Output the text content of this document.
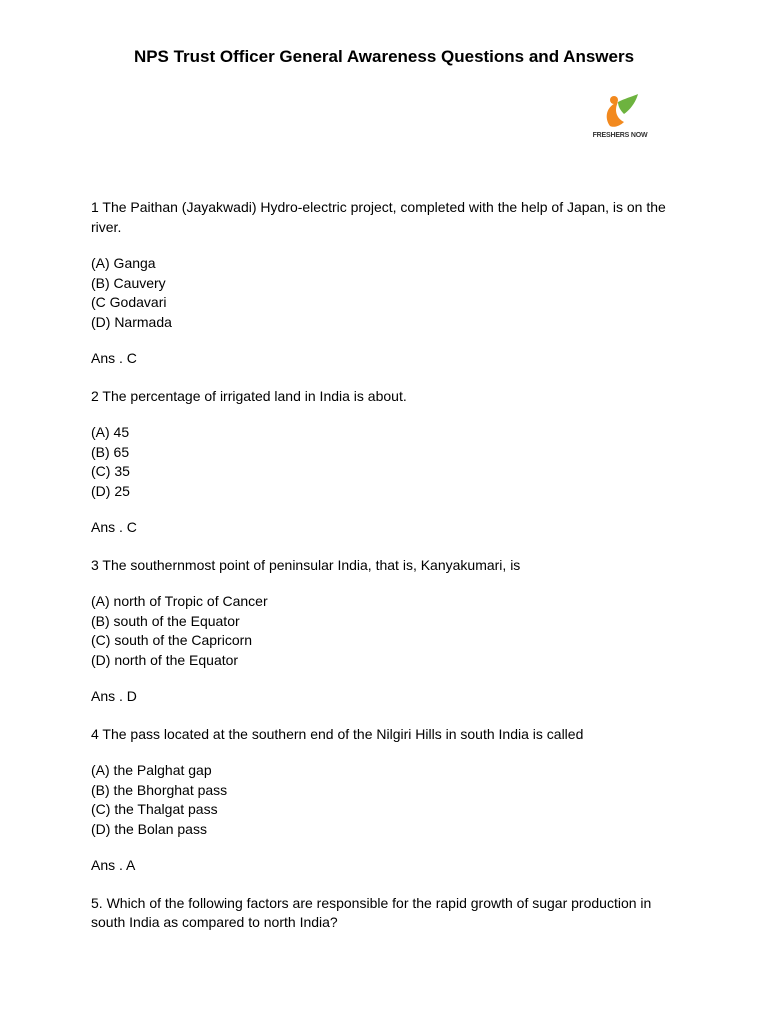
NPS Trust Officer General Awareness Questions and Answers
FRESHERS NOW

1 The Paithan (Jayakwadi) Hydro-electric project, completed with the help of Japan, is on the river.

(A) Ganga
(B) Cauvery
(C Godavari
(D) Narmada

Ans . C

2 The percentage of irrigated land in India is about.

(A) 45
(B) 65
(C) 35
(D) 25

Ans . C

3 The southernmost point of peninsular India, that is, Kanyakumari, is

(A) north of Tropic of Cancer
(B) south of the Equator
(C) south of the Capricorn
(D) north of the Equator

Ans . D

4 The pass located at the southern end of the Nilgiri Hills in south India is called

(A) the Palghat gap
(B) the Bhorghat pass
(C) the Thalgat pass
(D) the Bolan pass

Ans . A

5. Which of the following factors are responsible for the rapid growth of sugar production in south India as compared to north India?
